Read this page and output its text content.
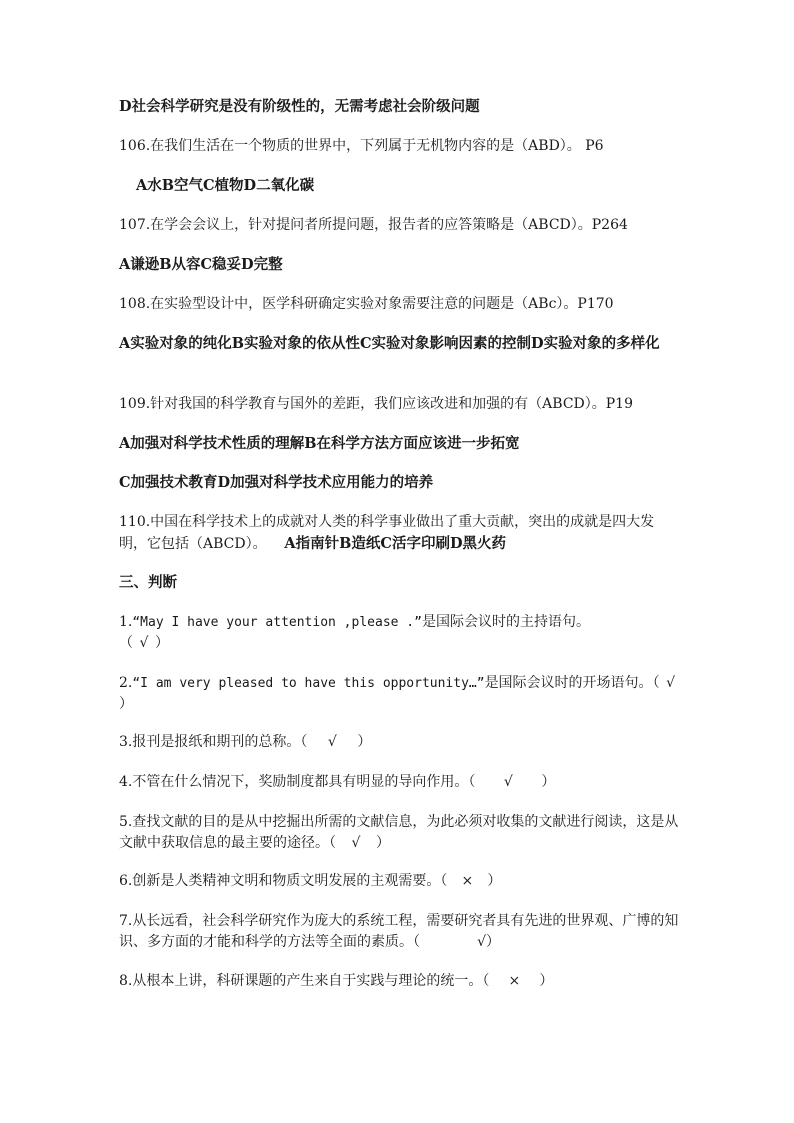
D社会科学研究是没有阶级性的，无需考虑社会阶级问题
106.在我们生活在一个物质的世界中，下列属于无机物内容的是（ABD）。 P6
A水B空气C植物D二氧化碳
107.在学会会议上，针对提问者所提问题，报告者的应答策略是（ABCD）。P264
A谦逊B从容C稳妥D完整
108.在实验型设计中，医学科研确定实验对象需要注意的问题是（ABc）。P170
A实验对象的纯化B实验对象的依从性C实验对象影响因素的控制D实验对象的多样化
109.针对我国的科学教育与国外的差距，我们应该改进和加强的有（ABCD）。P19
A加强对科学技术性质的理解B在科学方法方面应该进一步拓宽
C加强技术教育D加强对科学技术应用能力的培养
110.中国在科学技术上的成就对人类的科学事业做出了重大贡献，突出的成就是四大发明，它包括（ABCD）。 A指南针B造纸C活字印刷D黑火药
三、判断
1.“May I have your attention ,please .”是国际会议时的主持语句。
（ √ ）
2.“I am very pleased to have this opportunity…”是国际会议时的开场语句。（ √）
3.报刊是报纸和期刊的总称。（ √ ）
4.不管在什么情况下，奖励制度都具有明显的导向作用。（ √ ）
5.查找文献的目的是从中挖掘出所需的文献信息，为此必须对收集的文献进行阅读，这是从文献中获取信息的最主要的途径。（ √ ）
6.创新是人类精神文明和物质文明发展的主观需要。（ × ）
7.从长远看，社会科学研究作为庞大的系统工程，需要研究者具有先进的世界观、广博的知识、多方面的才能和科学的方法等全面的素质。（	√）
8.从根本上讲，科研课题的产生来自于实践与理论的统一。（ × ）
